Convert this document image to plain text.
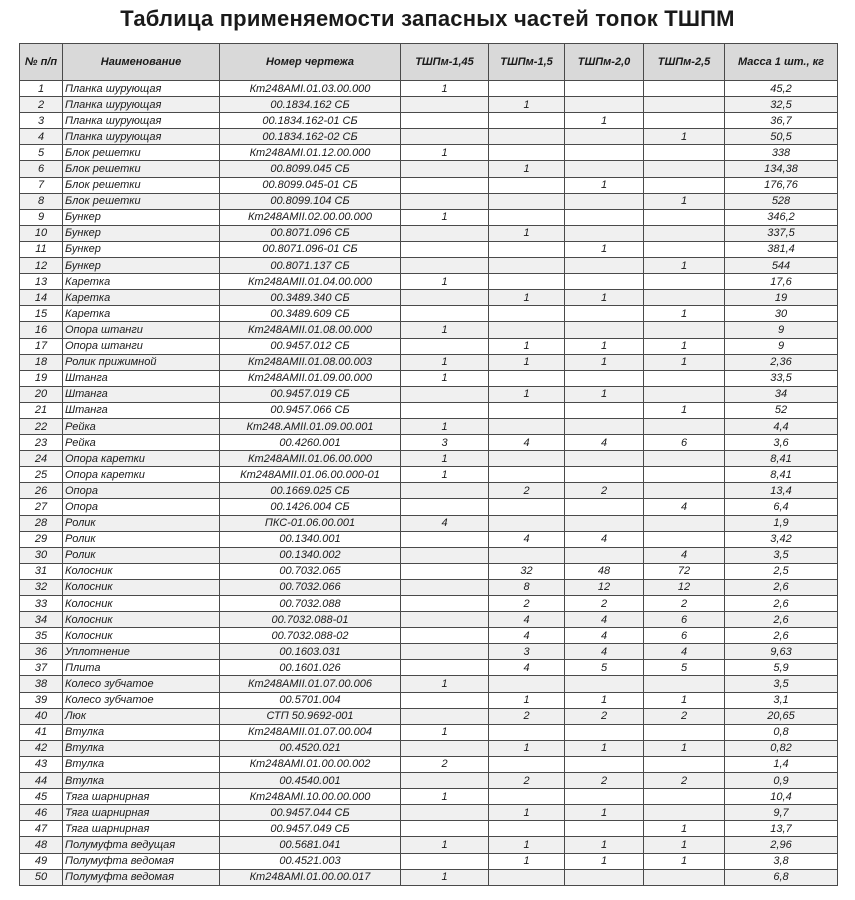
Таблица применяемости запасных частей топок ТШПМ
№ п/п	Наименование	Номер чертежа	ТШПм-1,45	ТШПм-1,5	ТШПм-2,0	ТШПм-2,5	Масса 1 шт., кг
1	Планка шурующая	Кт248АМІ.01.03.00.000	1				45,2
2	Планка шурующая	00.1834.162 СБ		1			32,5
3	Планка шурующая	00.1834.162-01 СБ			1		36,7
4	Планка шурующая	00.1834.162-02 СБ				1	50,5
5	Блок решетки	Кт248АМІ.01.12.00.000	1				338
6	Блок решетки	00.8099.045 СБ		1			134,38
7	Блок решетки	00.8099.045-01 СБ			1		176,76
8	Блок решетки	00.8099.104 СБ				1	528
9	Бункер	Кт248АМІІ.02.00.00.000	1				346,2
10	Бункер	00.8071.096 СБ		1			337,5
11	Бункер	00.8071.096-01 СБ			1		381,4
12	Бункер	00.8071.137 СБ				1	544
13	Каретка	Кт248АМІІ.01.04.00.000	1				17,6
14	Каретка	00.3489.340 СБ		1	1		19
15	Каретка	00.3489.609 СБ				1	30
16	Опора штанги	Кт248АМІІ.01.08.00.000	1				9
17	Опора штанги	00.9457.012 СБ		1	1	1	9
18	Ролик прижимной	Кт248АМІІ.01.08.00.003	1	1	1	1	2,36
19	Штанга	Кт248АМІІ.01.09.00.000	1				33,5
20	Штанга	00.9457.019 СБ		1	1		34
21	Штанга	00.9457.066 СБ				1	52
22	Рейка	Кт248.АМІІ.01.09.00.001	1				4,4
23	Рейка	00.4260.001	3	4	4	6	3,6
24	Опора каретки	Кт248АМІІ.01.06.00.000	1				8,41
25	Опора каретки	Кт248АМІІ.01.06.00.000-01	1				8,41
26	Опора	00.1669.025 СБ		2	2		13,4
27	Опора	00.1426.004 СБ				4	6,4
28	Ролик	ПКС-01.06.00.001	4				1,9
29	Ролик	00.1340.001		4	4		3,42
30	Ролик	00.1340.002				4	3,5
31	Колосник	00.7032.065		32	48	72	2,5
32	Колосник	00.7032.066		8	12	12	2,6
33	Колосник	00.7032.088		2	2	2	2,6
34	Колосник	00.7032.088-01		4	4	6	2,6
35	Колосник	00.7032.088-02		4	4	6	2,6
36	Уплотнение	00.1603.031		3	4	4	9,63
37	Плита	00.1601.026		4	5	5	5,9
38	Колесо зубчатое	Кт248АМІІ.01.07.00.006	1				3,5
39	Колесо зубчатое	00.5701.004		1	1	1	3,1
40	Люк	СТП 50.9692-001		2	2	2	20,65
41	Втулка	Кт248АМІІ.01.07.00.004	1				0,8
42	Втулка	00.4520.021		1	1	1	0,82
43	Втулка	Кт248АМІ.01.00.00.002	2				1,4
44	Втулка	00.4540.001		2	2	2	0,9
45	Тяга шарнирная	Кт248АМІ.10.00.00.000	1				10,4
46	Тяга шарнирная	00.9457.044 СБ		1	1		9,7
47	Тяга шарнирная	00.9457.049 СБ				1	13,7
48	Полумуфта ведущая	00.5681.041	1	1	1	1	2,96
49	Полумуфта ведомая	00.4521.003		1	1	1	3,8
50	Полумуфта ведомая	Кт248АМІ.01.00.00.017	1				6,8
